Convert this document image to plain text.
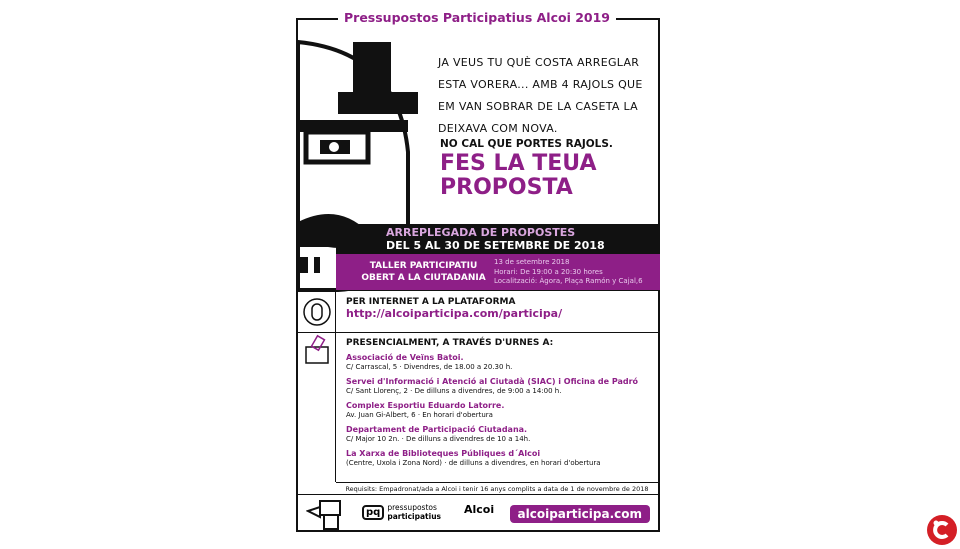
Pressupostos Participatius Alcoi 2019
JA VEUS TU QUÈ COSTA ARREGLAR ESTA VORERA... AMB 4 RAJOLS QUE EM VAN SOBRAR DE LA CASETA LA DEIXAVA COM NOVA.
NO CAL QUE PORTES RAJOLS.
FES LA TEUA
PROPOSTA
ARREPLEGADA DE PROPOSTES
DEL 5 AL 30 DE SETEMBRE DE 2018
TALLER PARTICIPATIU
OBERT A LA CIUTADANIA
13 de setembre 2018
Horari: De 19:00 a 20:30 hores
Localització: Àgora, Plaça Ramón y Cajal,6
PER INTERNET A LA PLATAFORMA
http://alcoiparticipa.com/participa/
PRESENCIALMENT, A TRAVÉS D'URNES A:
Associació de Veïns Batoi.
C/ Carrascal, 5 · Divendres, de 18.00 a 20.30 h.
Servei d'Informació i Atenció al Ciutadà (SIAC) i Oficina de Padró
C/ Sant Llorenç, 2 · De dilluns a divendres, de 9:00 a 14:00 h.
Complex Esportiu Eduardo Latorre.
Av. Juan Gi-Albert, 6 · En horari d'obertura
Departament de Participació Ciutadana.
C/ Major 10 2n. · De dilluns a divendres de 10 a 14h.
La Xarxa de Biblioteques Públiques d´Alcoi
(Centre, Uxola i Zona Nord) · de dilluns a divendres, en horari d'obertura
Requisits: Empadronat/ada a Alcoi i tenir 16 anys complits a data de 1 de novembre de 2018
pq pressupostos
participatius
Alcoi	alcoiparticipa.com
